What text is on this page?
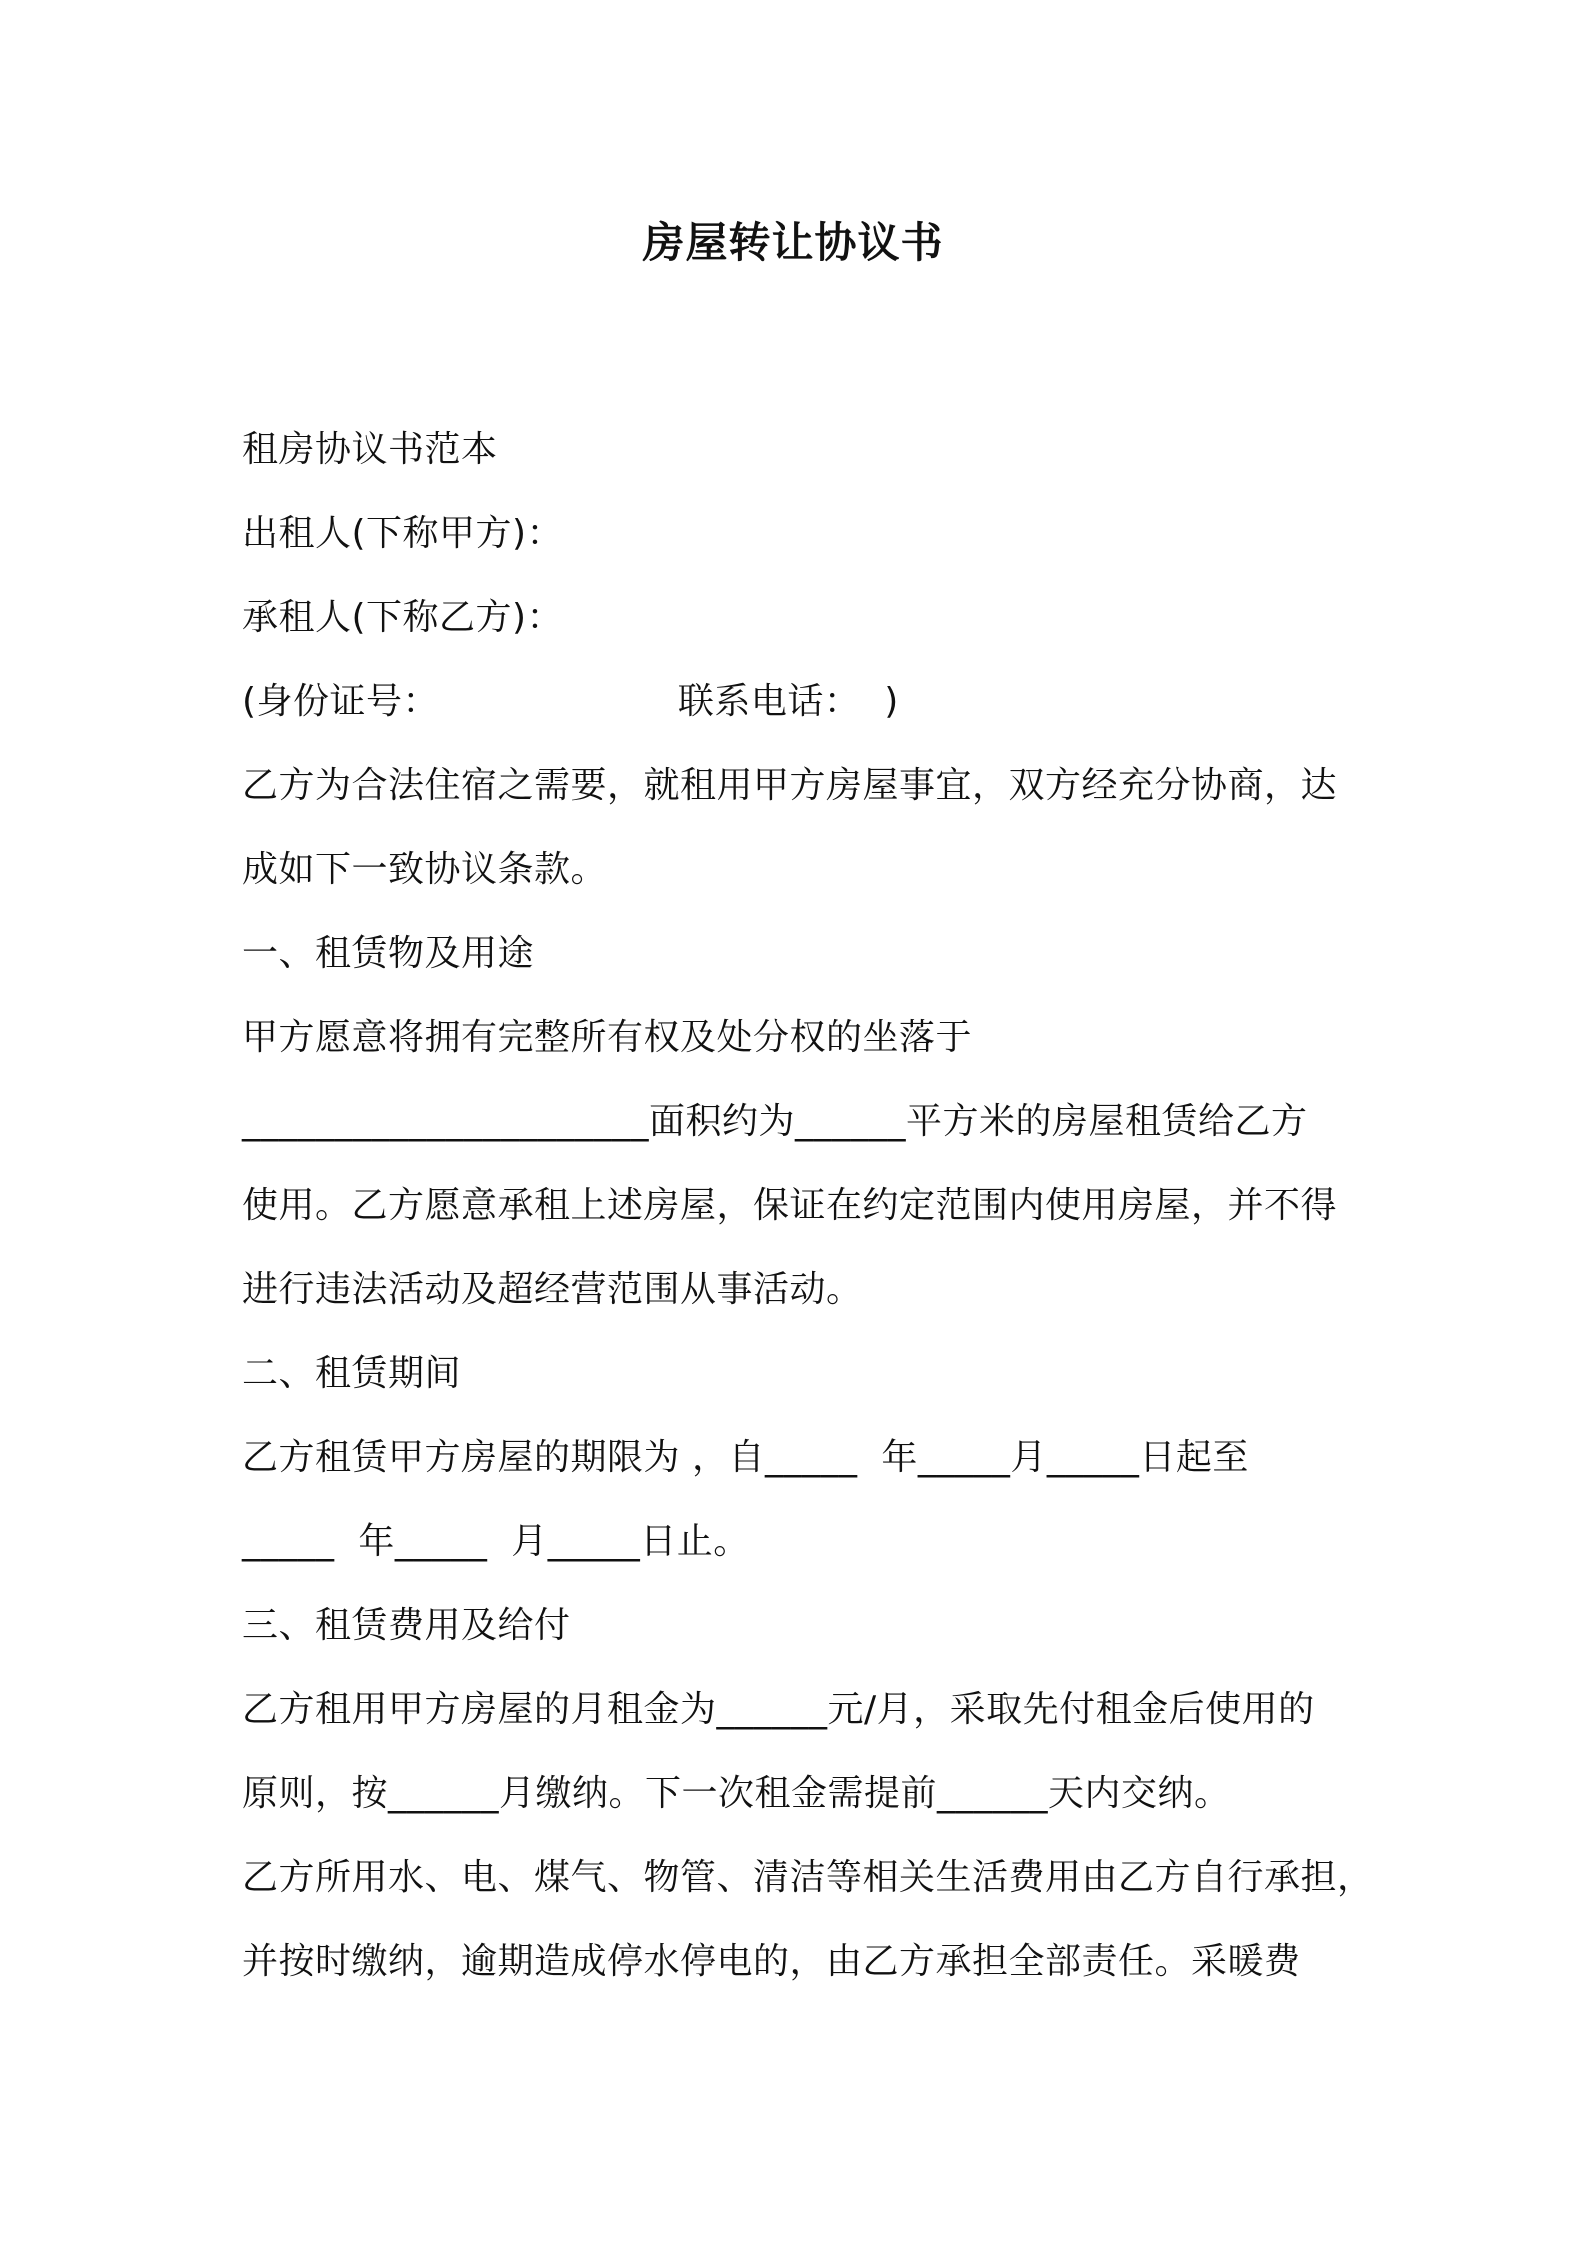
房屋转让协议书

租房协议书范本

出租人(下称甲方)：

承租人(下称乙方)：

(身份证号：                    联系电话：  )

乙方为合法住宿之需要，就租用甲方房屋事宜，双方经充分协商，达

成如下一致协议条款。

一、租赁物及用途

甲方愿意将拥有完整所有权及处分权的坐落于

______________________面积约为______平方米的房屋租赁给乙方

使用。乙方愿意承租上述房屋，保证在约定范围内使用房屋，并不得

进行违法活动及超经营范围从事活动。

二、租赁期间

乙方租赁甲方房屋的期限为 ，自_____  年_____月_____日起至

_____  年_____  月_____日止。

三、租赁费用及给付

乙方租用甲方房屋的月租金为______元/月，采取先付租金后使用的

原则，按______月缴纳。下一次租金需提前______天内交纳。

乙方所用水、电、煤气、物管、清洁等相关生活费用由乙方自行承担，

并按时缴纳，逾期造成停水停电的，由乙方承担全部责任。采暖费
